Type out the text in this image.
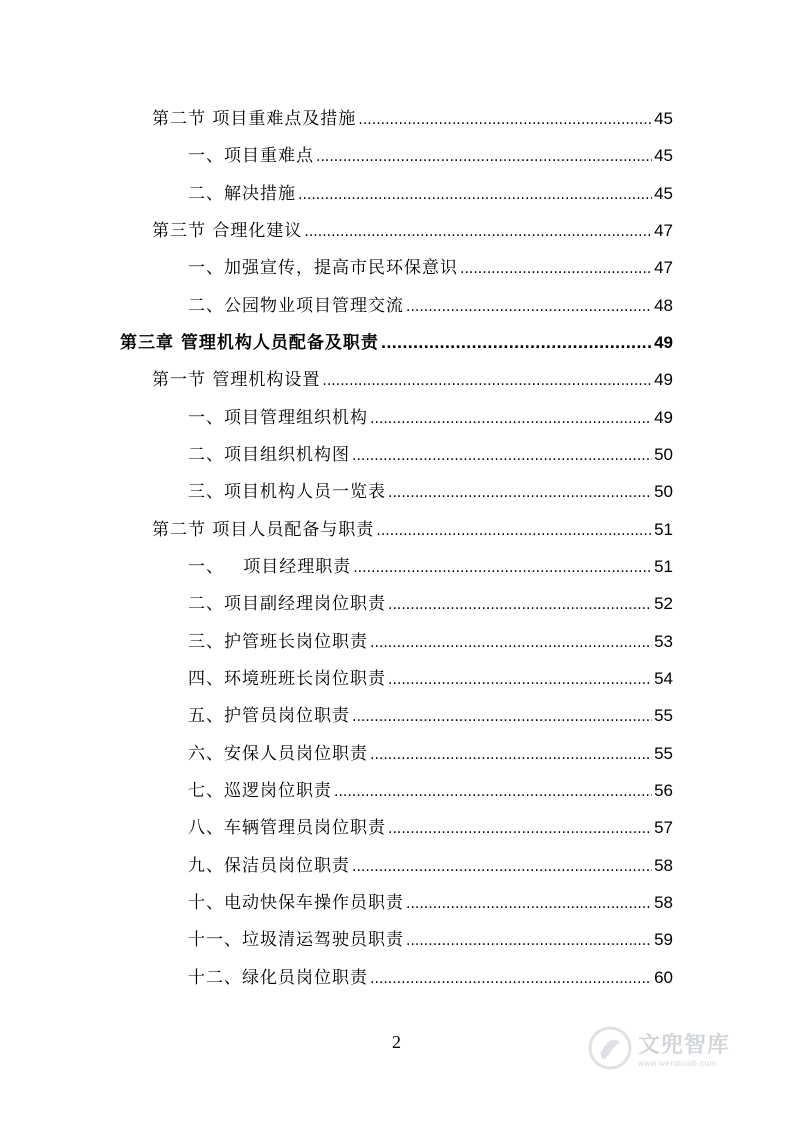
第二节 项目重难点及措施 .....	45
一、项目重难点 .....	45
二、解决措施 .....	45
第三节 合理化建议 .....	47
一、加强宣传，提高市民环保意识 .....	47
二、公园物业项目管理交流 .....	48
第三章 管理机构人员配备及职责 .....	49
第一节 管理机构设置 .....	49
一、项目管理组织机构 .....	49
二、项目组织机构图 .....	50
三、项目机构人员一览表 .....	50
第二节 项目人员配备与职责 .....	51
一、   项目经理职责 .....	51
二、项目副经理岗位职责 .....	52
三、护管班长岗位职责 .....	53
四、环境班班长岗位职责 .....	54
五、护管员岗位职责 .....	55
六、安保人员岗位职责 .....	55
七、巡逻岗位职责 .....	56
八、车辆管理员岗位职责 .....	57
九、保洁员岗位职责 .....	58
十、电动快保车操作员职责 .....	58
十一、垃圾清运驾驶员职责 .....	59
十二、绿化员岗位职责 .....	60
2	文兜智库
www.wenduoib.com
